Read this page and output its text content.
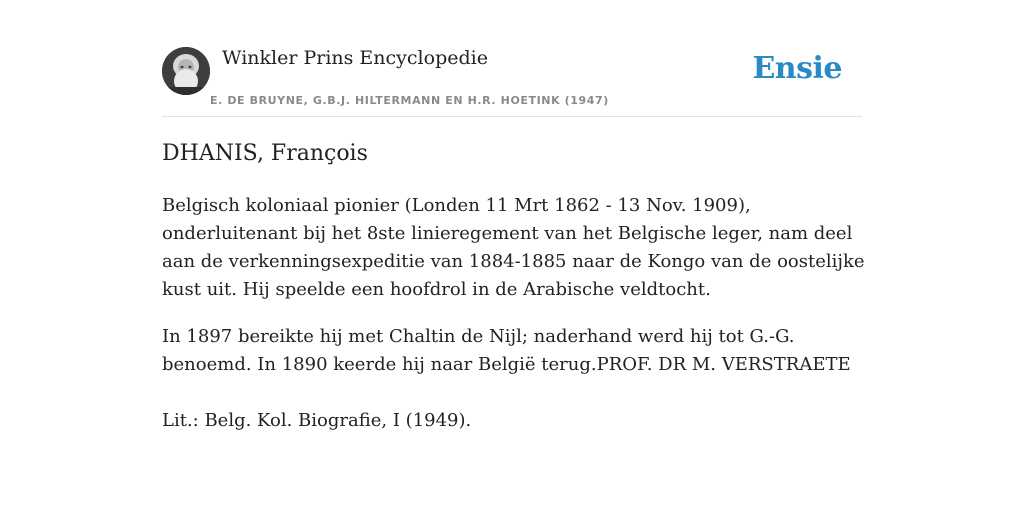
Winkler Prins Encyclopedie
E. DE BRUYNE, G.B.J. HILTERMANN EN H.R. HOETINK (1947)
Ensie
DHANIS, François

Belgisch koloniaal pionier (Londen 11 Mrt 1862 - 13 Nov. 1909), onderluitenant bij het 8ste linieregement van het Belgische leger, nam deel aan de verkenningsexpeditie van 1884-1885 naar de Kongo van de oostelijke kust uit. Hij speelde een hoofdrol in de Arabische veldtocht.

In 1897 bereikte hij met Chaltin de Nijl; naderhand werd hij tot G.-G. benoemd. In 1890 keerde hij naar België terug.PROF. DR M. VERSTRAETE

Lit.: Belg. Kol. Biografie, I (1949).
